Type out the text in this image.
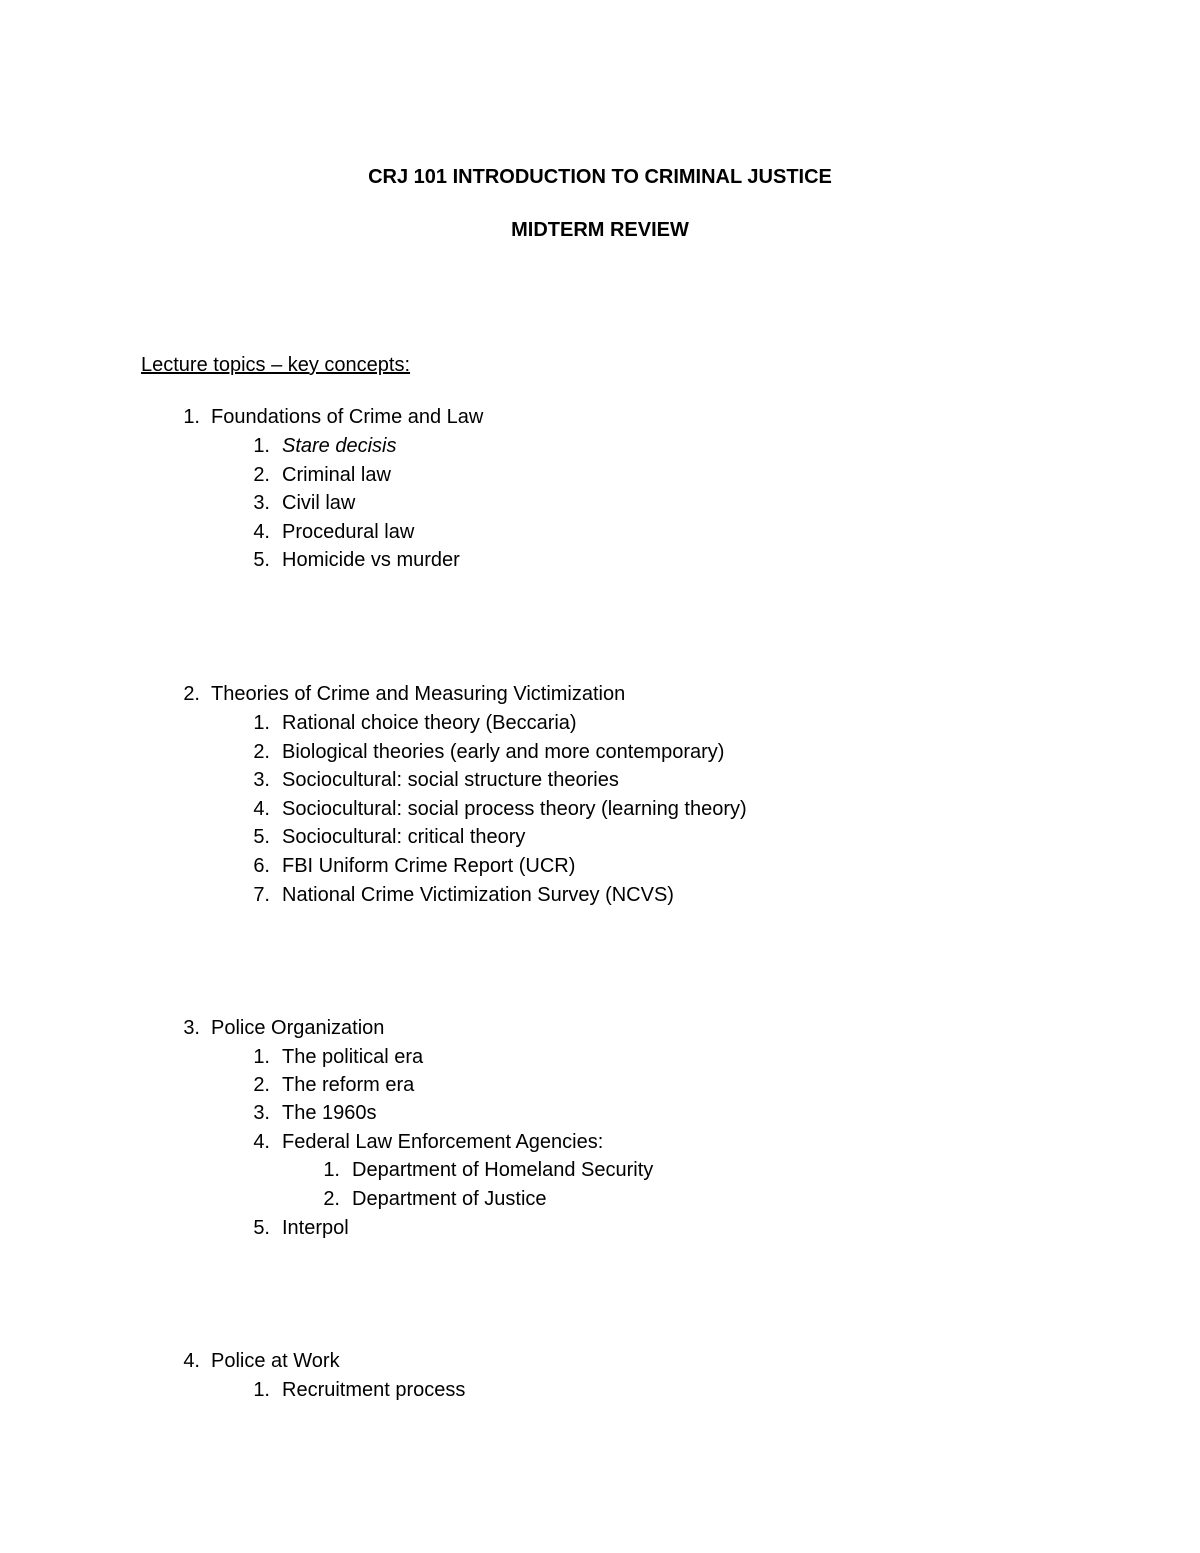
CRJ 101 INTRODUCTION TO CRIMINAL JUSTICE
MIDTERM REVIEW
Lecture topics – key concepts:
1. Foundations of Crime and Law
1. Stare decisis
2. Criminal law
3. Civil law
4. Procedural law
5. Homicide vs murder
2. Theories of Crime and Measuring Victimization
1. Rational choice theory (Beccaria)
2. Biological theories (early and more contemporary)
3. Sociocultural: social structure theories
4. Sociocultural: social process theory (learning theory)
5. Sociocultural: critical theory
6. FBI Uniform Crime Report (UCR)
7. National Crime Victimization Survey (NCVS)
3. Police Organization
1. The political era
2. The reform era
3. The 1960s
4. Federal Law Enforcement Agencies:
1. Department of Homeland Security
2. Department of Justice
5. Interpol
4. Police at Work
1. Recruitment process
